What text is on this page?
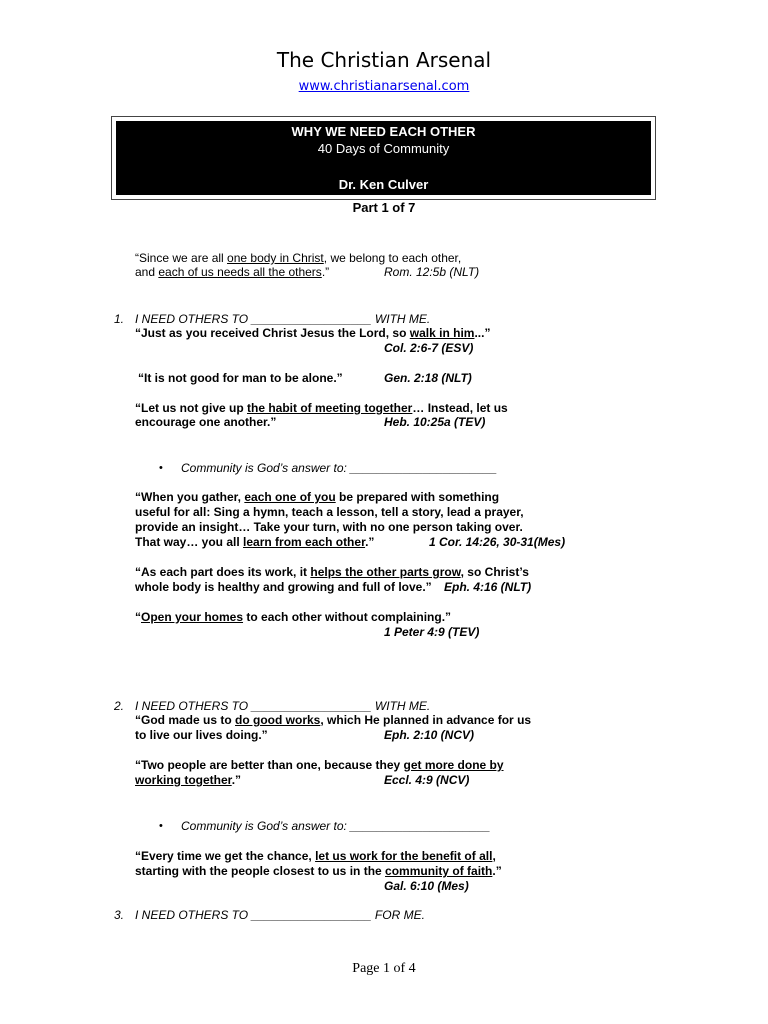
The Christian Arsenal
www.christianarsenal.com
WHY WE NEED EACH OTHER
40 Days of Community
Dr. Ken Culver
Part 1 of 7
“Since we are all one body in Christ, we belong to each other,
and each of us needs all the others.”	Rom. 12:5b (NLT)
1. I NEED OTHERS TO __________________ WITH ME.
“Just as you received Christ Jesus the Lord, so walk in him...”
Col. 2:6-7 (ESV)
“It is not good for man to be alone.”	Gen. 2:18 (NLT)
“Let us not give up the habit of meeting together… Instead, let us
encourage one another.”	Heb. 10:25a (TEV)
• Community is God’s answer to: ______________________
“When you gather, each one of you be prepared with something
useful for all: Sing a hymn, teach a lesson, tell a story, lead a prayer,
provide an insight… Take your turn, with no one person taking over.
That way… you all learn from each other.”	1 Cor. 14:26, 30-31(Mes)
“As each part does its work, it helps the other parts grow, so Christ’s
whole body is healthy and growing and full of love.” Eph. 4:16 (NLT)
“Open your homes to each other without complaining.”
1 Peter 4:9 (TEV)
2. I NEED OTHERS TO __________________ WITH ME.
“God made us to do good works, which He planned in advance for us
to live our lives doing.”	Eph. 2:10 (NCV)
“Two people are better than one, because they get more done by
working together.”	Eccl. 4:9 (NCV)
• Community is God’s answer to: _____________________
“Every time we get the chance, let us work for the benefit of all,
starting with the people closest to us in the community of faith.”
Gal. 6:10 (Mes)
3. I NEED OTHERS TO __________________ FOR ME.
Page 1 of 4
